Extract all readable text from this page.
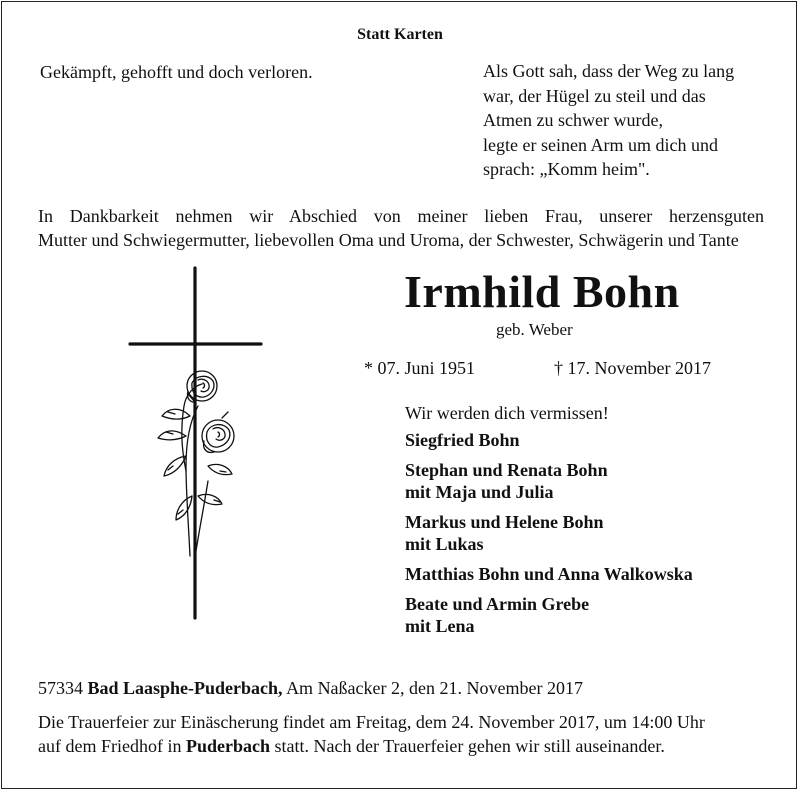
Statt Karten
Gekämpft, gehofft und doch verloren.	Als Gott sah, dass der Weg zu lang
war, der Hügel zu steil und das
Atmen zu schwer wurde,
legte er seinen Arm um dich und
sprach: „Komm heim".
In Dankbarkeit nehmen wir Abschied von meiner lieben Frau, unserer herzensguten
Mutter und Schwiegermutter, liebevollen Oma und Uroma, der Schwester, Schwägerin und Tante
Irmhild Bohn
geb. Weber
* 07. Juni 1951	† 17. November 2017
Wir werden dich vermissen!
Siegfried Bohn
Stephan und Renata Bohn
mit Maja und Julia
Markus und Helene Bohn
mit Lukas
Matthias Bohn und Anna Walkowska
Beate und Armin Grebe
mit Lena
57334 Bad Laasphe-Puderbach, Am Naßacker 2, den 21. November 2017
Die Trauerfeier zur Einäscherung findet am Freitag, dem 24. November 2017, um 14:00 Uhr
auf dem Friedhof in Puderbach statt. Nach der Trauerfeier gehen wir still auseinander.
